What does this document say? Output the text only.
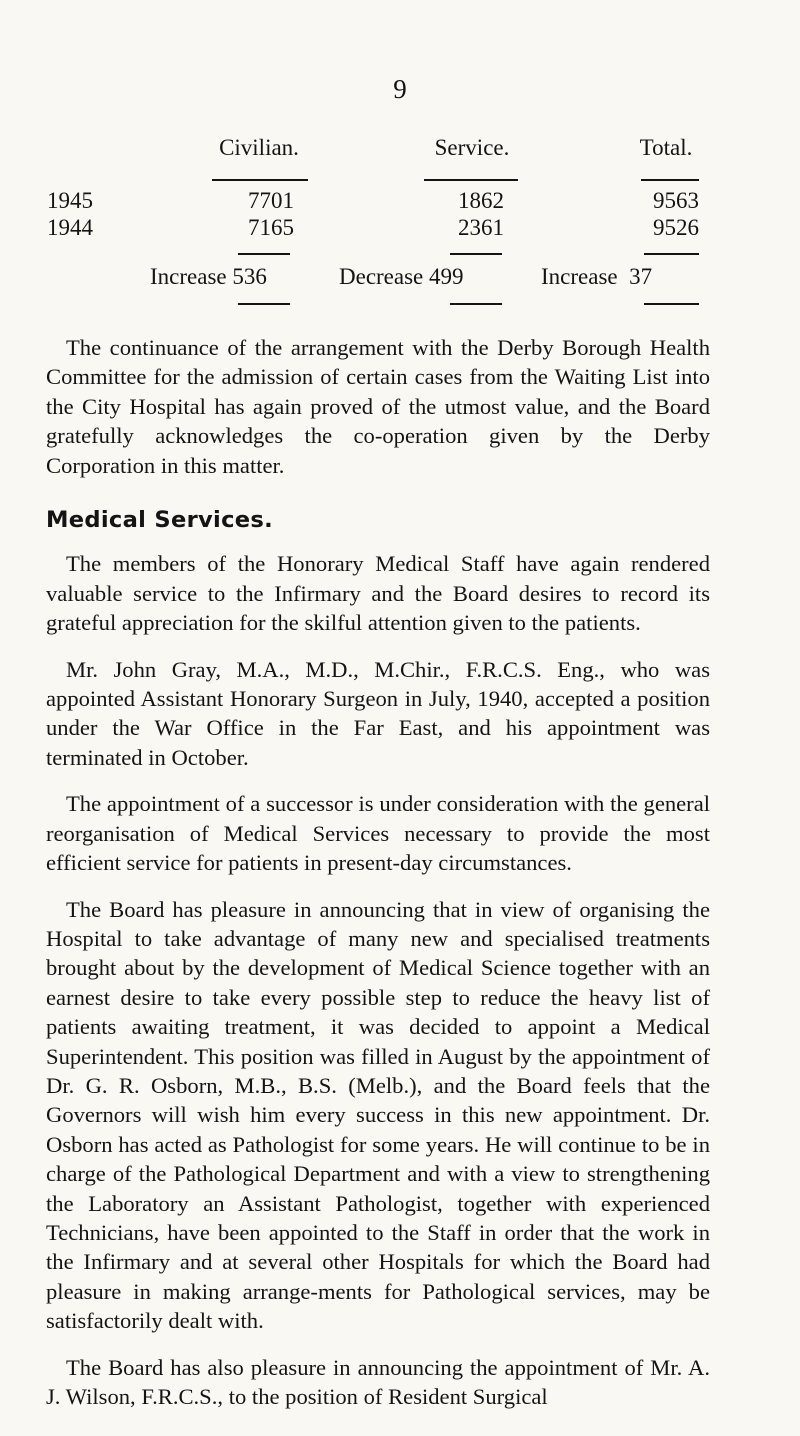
9
Civilian.	Service.	Total.
1945	7701	1862	9563
1944	7165	2361	9526
Increase 536	Decrease 499	Increase  37

The continuance of the arrangement with the Derby Borough Health Committee for the admission of certain cases from the Waiting List into the City Hospital has again proved of the utmost value, and the Board gratefully acknowledges the co-operation given by the Derby Corporation in this matter.

Medical Services.

The members of the Honorary Medical Staff have again rendered valuable service to the Infirmary and the Board desires to record its grateful appreciation for the skilful attention given to the patients.

Mr. John Gray, M.A., M.D., M.Chir., F.R.C.S. Eng., who was appointed Assistant Honorary Surgeon in July, 1940, accepted a position under the War Office in the Far East, and his appointment was terminated in October.

The appointment of a successor is under consideration with the general reorganisation of Medical Services necessary to provide the most efficient service for patients in present-day circumstances.

The Board has pleasure in announcing that in view of organising the Hospital to take advantage of many new and specialised treatments brought about by the development of Medical Science together with an earnest desire to take every possible step to reduce the heavy list of patients awaiting treatment, it was decided to appoint a Medical Superintendent. This position was filled in August by the appointment of Dr. G. R. Osborn, M.B., B.S. (Melb.), and the Board feels that the Governors will wish him every success in this new appointment. Dr. Osborn has acted as Pathologist for some years. He will continue to be in charge of the Pathological Department and with a view to strengthening the Laboratory an Assistant Pathologist, together with experienced Technicians, have been appointed to the Staff in order that the work in the Infirmary and at several other Hospitals for which the Board had pleasure in making arrange-ments for Pathological services, may be satisfactorily dealt with.

The Board has also pleasure in announcing the appointment of Mr. A. J. Wilson, F.R.C.S., to the position of Resident Surgical
